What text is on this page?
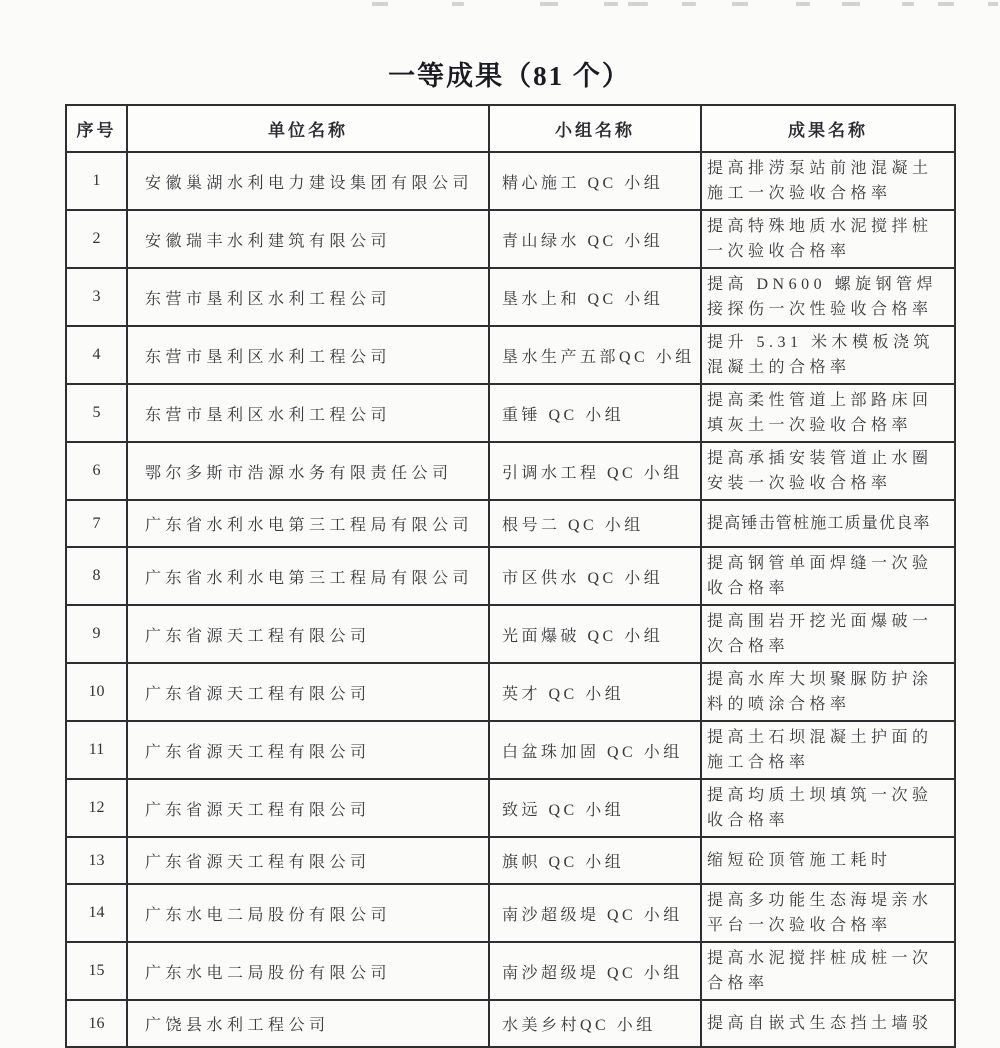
一等成果（81 个）
序号	单位名称	小组名称	成果名称
1	安徽巢湖水利电力建设集团有限公司	精心施工 QC 小组	提高排涝泵站前池混凝土施工一次验收合格率
2	安徽瑞丰水利建筑有限公司	青山绿水 QC 小组	提高特殊地质水泥搅拌桩一次验收合格率
3	东营市垦利区水利工程公司	垦水上和 QC 小组	提高 DN600 螺旋钢管焊接探伤一次性验收合格率
4	东营市垦利区水利工程公司	垦水生产五部QC 小组	提升 5.31 米木模板浇筑混凝土的合格率
5	东营市垦利区水利工程公司	重锤 QC 小组	提高柔性管道上部路床回填灰土一次验收合格率
6	鄂尔多斯市浩源水务有限责任公司	引调水工程 QC 小组	提高承插安装管道止水圈安装一次验收合格率
7	广东省水利水电第三工程局有限公司	根号二 QC 小组	提高锤击管桩施工质量优良率
8	广东省水利水电第三工程局有限公司	市区供水 QC 小组	提高钢管单面焊缝一次验收合格率
9	广东省源天工程有限公司	光面爆破 QC 小组	提高围岩开挖光面爆破一次合格率
10	广东省源天工程有限公司	英才 QC 小组	提高水库大坝聚脲防护涂料的喷涂合格率
11	广东省源天工程有限公司	白盆珠加固 QC 小组	提高土石坝混凝土护面的施工合格率
12	广东省源天工程有限公司	致远 QC 小组	提高均质土坝填筑一次验收合格率
13	广东省源天工程有限公司	旗帜 QC 小组	缩短砼顶管施工耗时
14	广东水电二局股份有限公司	南沙超级堤 QC 小组	提高多功能生态海堤亲水平台一次验收合格率
15	广东水电二局股份有限公司	南沙超级堤 QC 小组	提高水泥搅拌桩成桩一次合格率
16	广饶县水利工程公司	水美乡村QC 小组	提高自嵌式生态挡土墙驳
